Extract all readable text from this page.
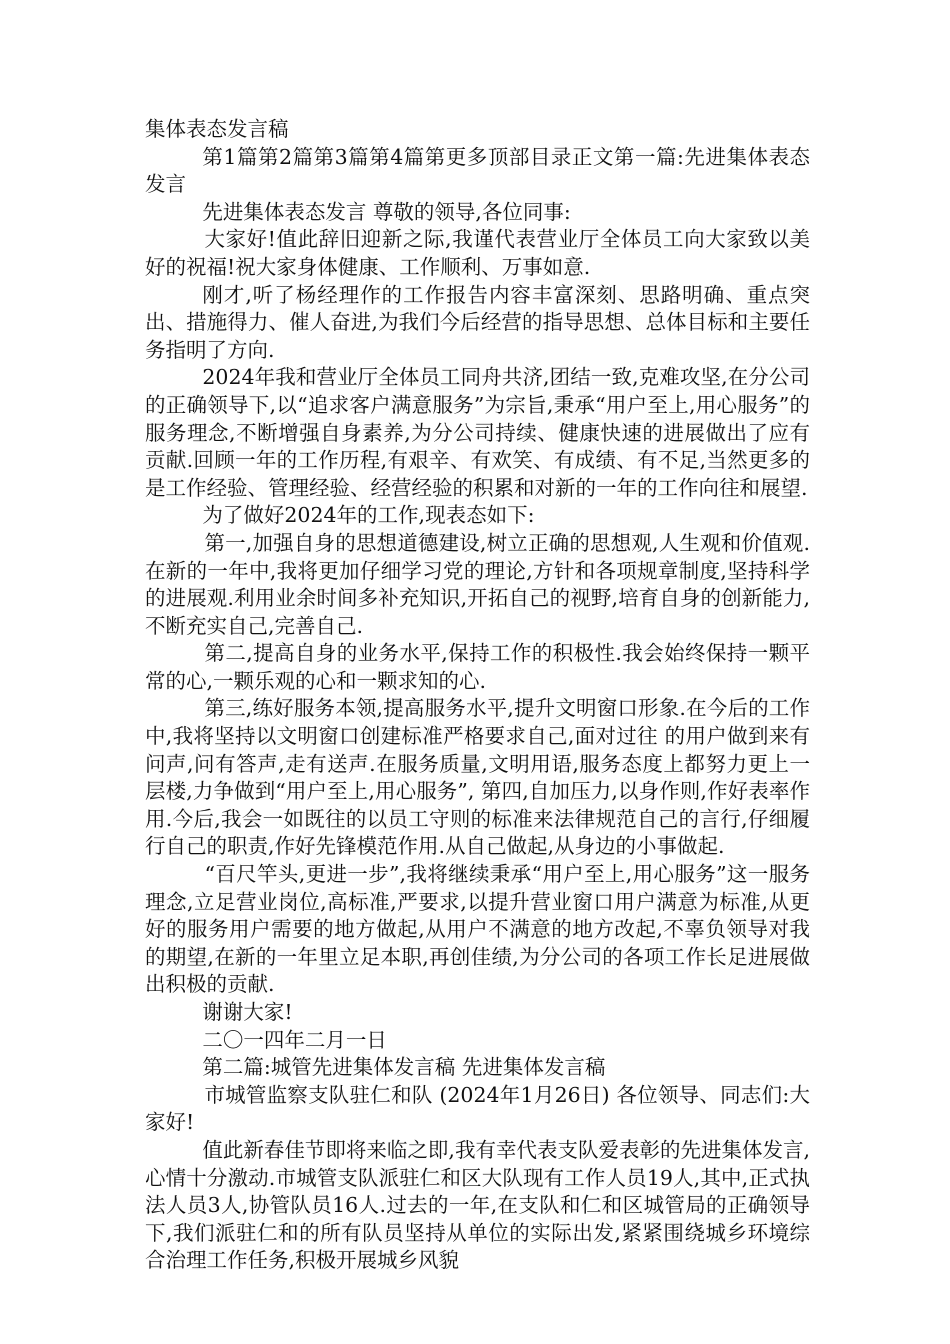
集体表态发言稿

第1篇第2篇第3篇第4篇第更多顶部目录正文第一篇:先进集体表态发言

先进集体表态发言 尊敬的领导,各位同事:

大家好!值此辞旧迎新之际,我谨代表营业厅全体员工向大家致以美好的祝福!祝大家身体健康、工作顺利、万事如意.

刚才,听了杨经理作的工作报告内容丰富深刻、思路明确、重点突出、措施得力、催人奋进,为我们今后经营的指导思想、总体目标和主要任务指明了方向.

2024年我和营业厅全体员工同舟共济,团结一致,克难攻坚,在分公司的正确领导下,以“追求客户满意服务”为宗旨,秉承“用户至上,用心服务”的服务理念,不断增强自身素养,为分公司持续、健康快速的进展做出了应有贡献.回顾一年的工作历程,有艰辛、有欢笑、有成绩、有不足,当然更多的是工作经验、管理经验、经营经验的积累和对新的一年的工作向往和展望.

为了做好2024年的工作,现表态如下:

第一,加强自身的思想道德建设,树立正确的思想观,人生观和价值观.在新的一年中,我将更加仔细学习党的理论,方针和各项规章制度,坚持科学的进展观.利用业余时间多补充知识,开拓自己的视野,培育自身的创新能力,不断充实自己,完善自己.

第二,提高自身的业务水平,保持工作的积极性.我会始终保持一颗平常的心,一颗乐观的心和一颗求知的心.

第三,练好服务本领,提高服务水平,提升文明窗口形象.在今后的工作中,我将坚持以文明窗口创建标准严格要求自己,面对过往 的用户做到来有问声,问有答声,走有送声.在服务质量,文明用语,服务态度上都努力更上一层楼,力争做到“用户至上,用心服务”, 第四,自加压力,以身作则,作好表率作用.今后,我会一如既往的以员工守则的标准来法律规范自己的言行,仔细履行自己的职责,作好先锋模范作用.从自己做起,从身边的小事做起.

“百尺竿头,更进一步”,我将继续秉承“用户至上,用心服务”这一服务理念,立足营业岗位,高标准,严要求,以提升营业窗口用户满意为标准,从更好的服务用户需要的地方做起,从用户不满意的地方改起,不辜负领导对我的期望,在新的一年里立足本职,再创佳绩,为分公司的各项工作长足进展做出积极的贡献.

谢谢大家!

二〇一四年二月一日

第二篇:城管先进集体发言稿 先进集体发言稿

市城管监察支队驻仁和队 (2024年1月26日) 各位领导、同志们:大家好!

值此新春佳节即将来临之即,我有幸代表支队爱表彰的先进集体发言,心情十分激动.市城管支队派驻仁和区大队现有工作人员19人,其中,正式执法人员3人,协管队员16人.过去的一年,在支队和仁和区城管局的正确领导下,我们派驻仁和的所有队员坚持从单位的实际出发,紧紧围绕城乡环境综合治理工作任务,积极开展城乡风貌
